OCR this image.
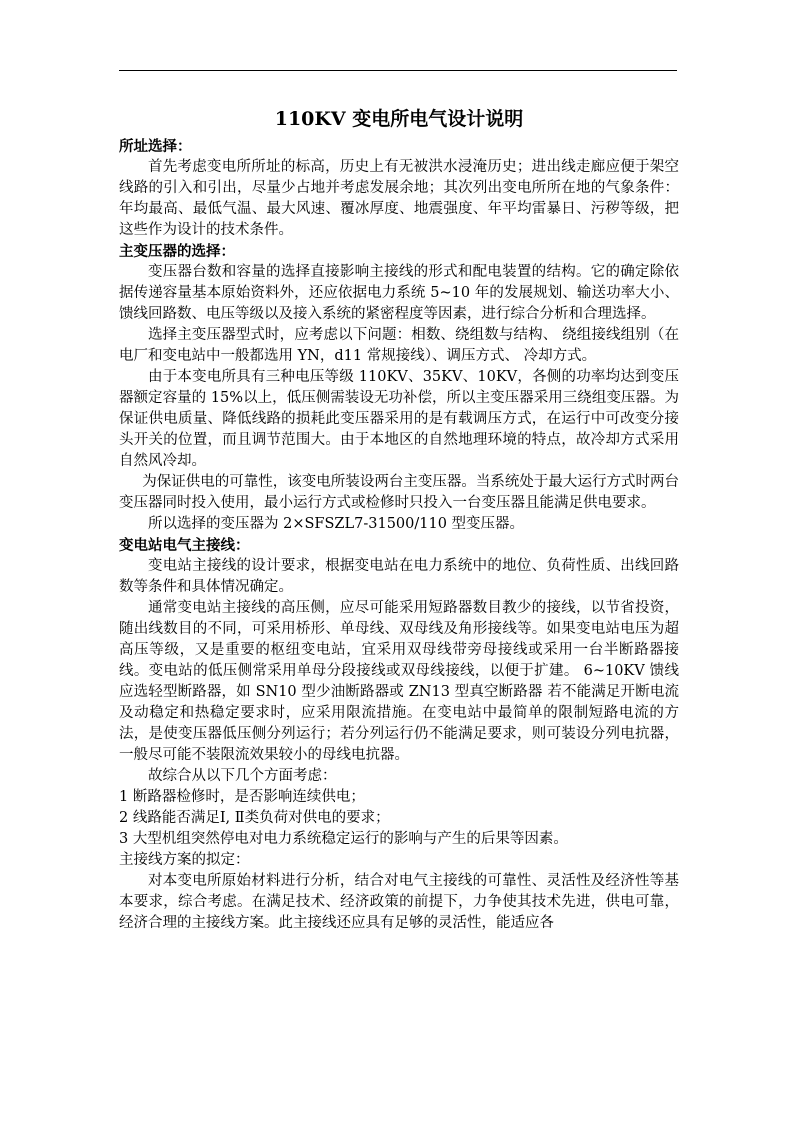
110KV 变电所电气设计说明
所址选择：

首先考虑变电所所址的标高，历史上有无被洪水浸淹历史；进出线走廊应便于架空线路的引入和引出，尽量少占地并考虑发展余地；其次列出变电所所在地的气象条件：年均最高、最低气温、最大风速、覆冰厚度、地震强度、年平均雷暴日、污秽等级，把这些作为设计的技术条件。

主变压器的选择：

变压器台数和容量的选择直接影响主接线的形式和配电装置的结构。它的确定除依据传递容量基本原始资料外，还应依据电力系统 5~10 年的发展规划、输送功率大小、馈线回路数、电压等级以及接入系统的紧密程度等因素，进行综合分析和合理选择。

选择主变压器型式时，应考虑以下问题：相数、绕组数与结构、 绕组接线组别（在电厂和变电站中一般都选用 YN，d11 常规接线）、调压方式、 冷却方式。

由于本变电所具有三种电压等级 110KV、35KV、10KV，各侧的功率均达到变压器额定容量的 15%以上，低压侧需装设无功补偿，所以主变压器采用三绕组变压器。为保证供电质量、降低线路的损耗此变压器采用的是有载调压方式，在运行中可改变分接头开关的位置，而且调节范围大。由于本地区的自然地理环境的特点，故冷却方式采用自然风冷却。

为保证供电的可靠性，该变电所装设两台主变压器。当系统处于最大运行方式时两台变压器同时投入使用，最小运行方式或检修时只投入一台变压器且能满足供电要求。

所以选择的变压器为 2×SFSZL7-31500/110 型变压器。

变电站电气主接线：

变电站主接线的设计要求，根据变电站在电力系统中的地位、负荷性质、出线回路数等条件和具体情况确定。

通常变电站主接线的高压侧，应尽可能采用短路器数目教少的接线，以节省投资，随出线数目的不同，可采用桥形、单母线、双母线及角形接线等。如果变电站电压为超高压等级，又是重要的枢纽变电站，宜采用双母线带旁母接线或采用一台半断路器接线。变电站的低压侧常采用单母分段接线或双母线接线，以便于扩建。 6~10KV 馈线应选轻型断路器，如 SN10 型少油断路器或 ZN13 型真空断路器 若不能满足开断电流及动稳定和热稳定要求时，应采用限流措施。在变电站中最简单的限制短路电流的方法，是使变压器低压侧分列运行；若分列运行仍不能满足要求，则可装设分列电抗器，一般尽可能不装限流效果较小的母线电抗器。

故综合从以下几个方面考虑：

1 断路器检修时，是否影响连续供电；
2 线路能否满足Ⅰ, Ⅱ类负荷对供电的要求；
3 大型机组突然停电对电力系统稳定运行的影响与产生的后果等因素。
主接线方案的拟定：

对本变电所原始材料进行分析，结合对电气主接线的可靠性、灵活性及经济性等基本要求，综合考虑。在满足技术、经济政策的前提下，力争使其技术先进，供电可靠，经济合理的主接线方案。此主接线还应具有足够的灵活性，能适应各
